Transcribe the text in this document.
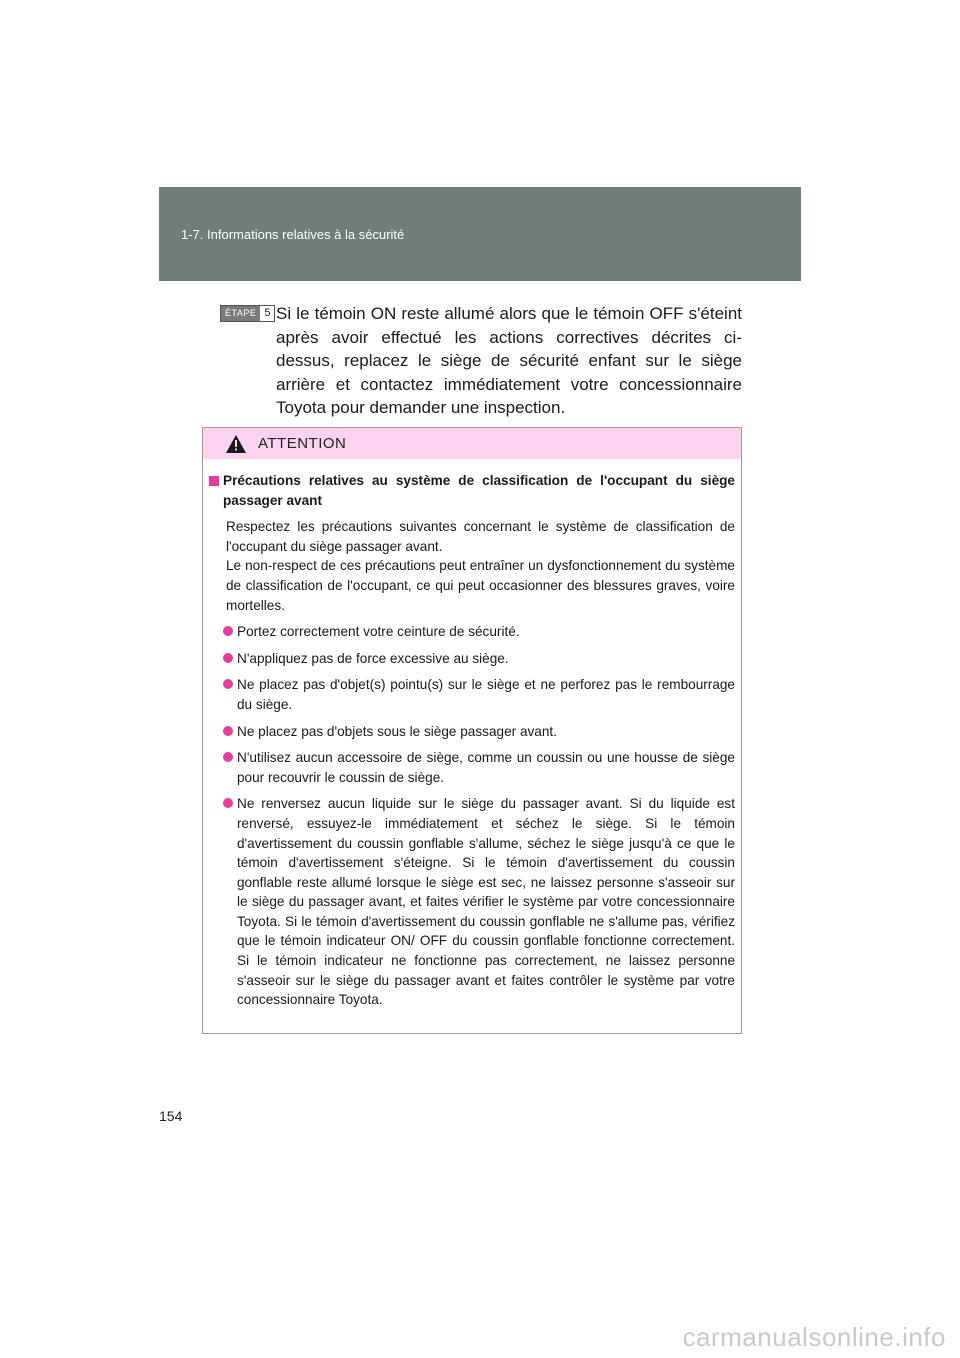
1-7. Informations relatives à la sécurité
ÉTAPE 5 Si le témoin ON reste allumé alors que le témoin OFF s'éteint après avoir effectué les actions correctives décrites ci-dessus, replacez le siège de sécurité enfant sur le siège arrière et contactez immédiatement votre concessionnaire Toyota pour demander une inspection.
ATTENTION
Précautions relatives au système de classification de l'occupant du siège passager avant
Respectez les précautions suivantes concernant le système de classification de l'occupant du siège passager avant.
Le non-respect de ces précautions peut entraîner un dysfonctionnement du système de classification de l'occupant, ce qui peut occasionner des blessures graves, voire mortelles.
Portez correctement votre ceinture de sécurité.
N'appliquez pas de force excessive au siège.
Ne placez pas d'objet(s) pointu(s) sur le siège et ne perforez pas le rembourrage du siège.
Ne placez pas d'objets sous le siège passager avant.
N'utilisez aucun accessoire de siège, comme un coussin ou une housse de siège pour recouvrir le coussin de siège.
Ne renversez aucun liquide sur le siège du passager avant. Si du liquide est renversé, essuyez-le immédiatement et séchez le siège. Si le témoin d'avertissement du coussin gonflable s'allume, séchez le siège jusqu'à ce que le témoin d'avertissement s'éteigne. Si le témoin d'avertissement du coussin gonflable reste allumé lorsque le siège est sec, ne laissez personne s'asseoir sur le siège du passager avant, et faites vérifier le système par votre concessionnaire Toyota. Si le témoin d'avertissement du coussin gonflable ne s'allume pas, vérifiez que le témoin indicateur ON/ OFF du coussin gonflable fonctionne correctement. Si le témoin indicateur ne fonctionne pas correctement, ne laissez personne s'asseoir sur le siège du passager avant et faites contrôler le système par votre concessionnaire Toyota.
154
carmanualsonline.info
